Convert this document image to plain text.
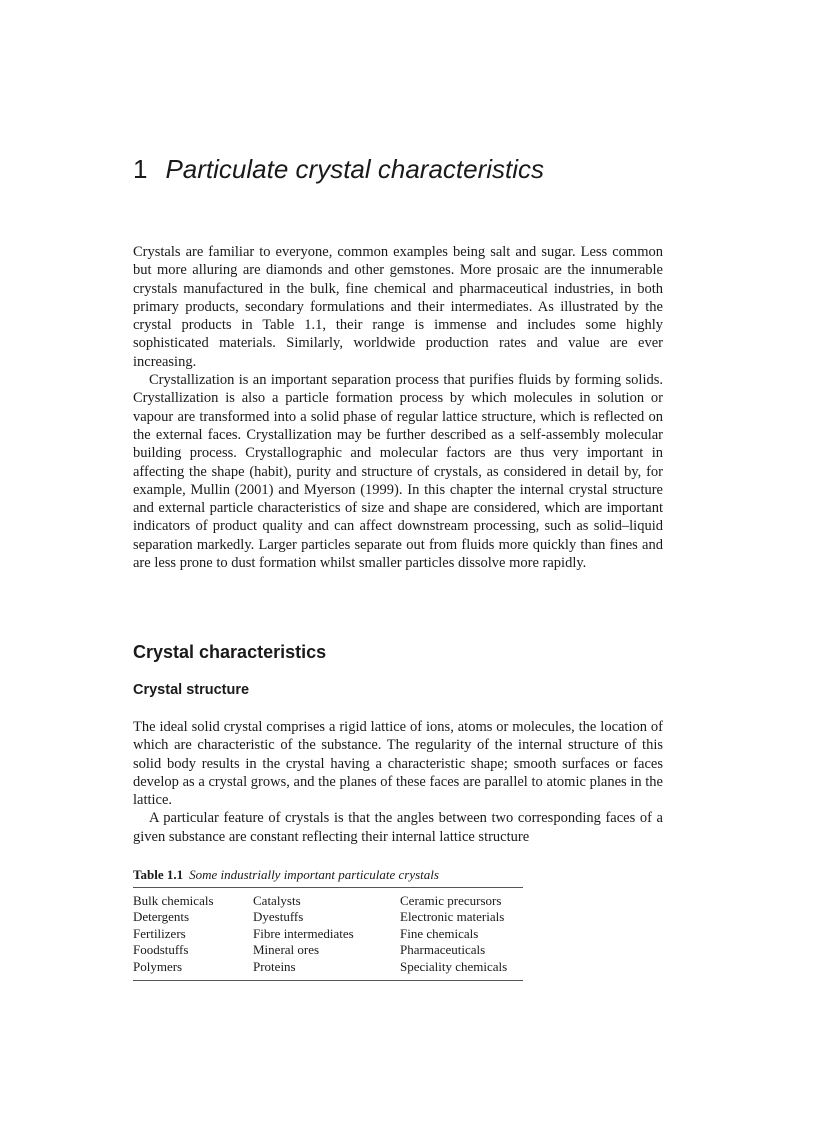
1 Particulate crystal characteristics

Crystals are familiar to everyone, common examples being salt and sugar. Less common but more alluring are diamonds and other gemstones. More prosaic are the innumerable crystals manufactured in the bulk, fine chemical and pharmaceutical industries, in both primary products, secondary formulations and their intermediates. As illustrated by the crystal products in Table 1.1, their range is immense and includes some highly sophisticated materials. Similarly, worldwide production rates and value are ever increasing.

Crystallization is an important separation process that purifies fluids by forming solids. Crystallization is also a particle formation process by which molecules in solution or vapour are transformed into a solid phase of regular lattice structure, which is reflected on the external faces. Crystallization may be further described as a self-assembly molecular building process. Crystallographic and molecular factors are thus very important in affecting the shape (habit), purity and structure of crystals, as considered in detail by, for example, Mullin (2001) and Myerson (1999). In this chapter the internal crystal structure and external particle characteristics of size and shape are considered, which are important indicators of product quality and can affect downstream processing, such as solid–liquid separation markedly. Larger particles separate out from fluids more quickly than fines and are less prone to dust formation whilst smaller particles dissolve more rapidly.

Crystal characteristics
Crystal structure

The ideal solid crystal comprises a rigid lattice of ions, atoms or molecules, the location of which are characteristic of the substance. The regularity of the internal structure of this solid body results in the crystal having a characteristic shape; smooth surfaces or faces develop as a crystal grows, and the planes of these faces are parallel to atomic planes in the lattice.

A particular feature of crystals is that the angles between two corresponding faces of a given substance are constant reflecting their internal lattice structure

Table 1.1 Some industrially important particulate crystals

Bulk chemicals	Catalysts	Ceramic precursors
Detergents	Dyestuffs	Electronic materials
Fertilizers	Fibre intermediates	Fine chemicals
Foodstuffs	Mineral ores	Pharmaceuticals
Polymers	Proteins	Speciality chemicals
